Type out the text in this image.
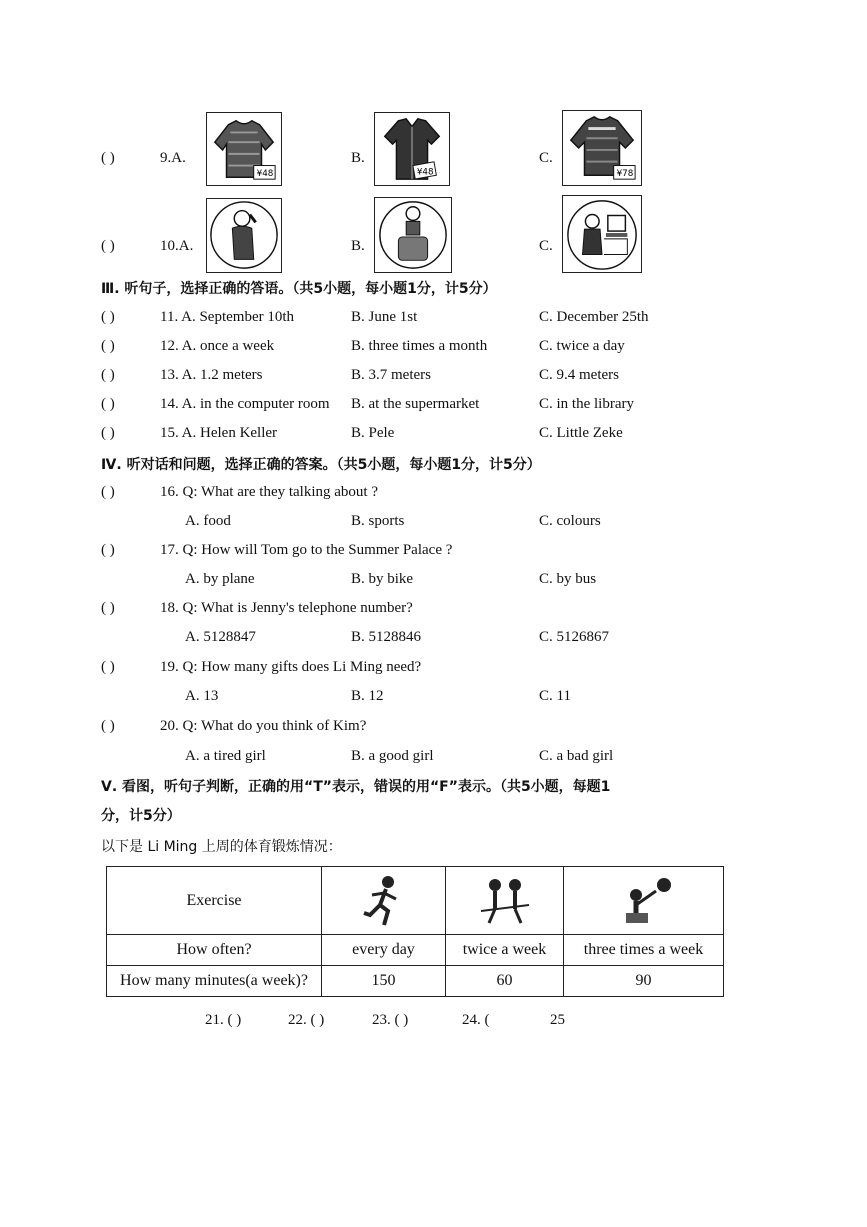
( )	9.A.
¥48
B.
¥48
C.
¥78
( )	10.A.	B.	C.
Ⅲ. 听句子，选择正确的答语。（共5小题，每小题1分，计5分）
( )	11. A. September 10th	B. June 1st	C. December 25th
( )	12. A. once a week	B. three times a month	C. twice a day
( )	13. A. 1.2 meters	B. 3.7 meters	C. 9.4 meters
( )	14. A. in the computer room B. at the supermarket	C. in the library
( )	15. A. Helen Keller	B. Pele	C. Little Zeke
Ⅳ. 听对话和问题，选择正确的答案。（共5小题，每小题1分，计5分）
( )	16. Q: What are they talking about ?
A. food	B. sports	C. colours
( )	17. Q: How will Tom go to the Summer Palace ?
A. by plane	B. by bike	C. by bus
( )	18. Q: What is Jenny's telephone number?
A. 5128847	B. 5128846	C. 5126867
( )	19. Q: How many gifts does Li Ming need?
A. 13	B. 12	C. 11
( )	20. Q: What do you think of Kim?
A. a tired girl	B. a good girl	C. a bad girl
Ⅴ. 看图，听句子判断，正确的用“T”表示，错误的用“F”表示。（共5小题，每题1
分，计5分）
以下是 Li Ming 上周的体育锻炼情况：
Exercise	

How often?	every day	twice a week	three times a week
How many minutes(a week)?	150	60	90
21. ( )	22. ( )	23. ( )	24. (	25
